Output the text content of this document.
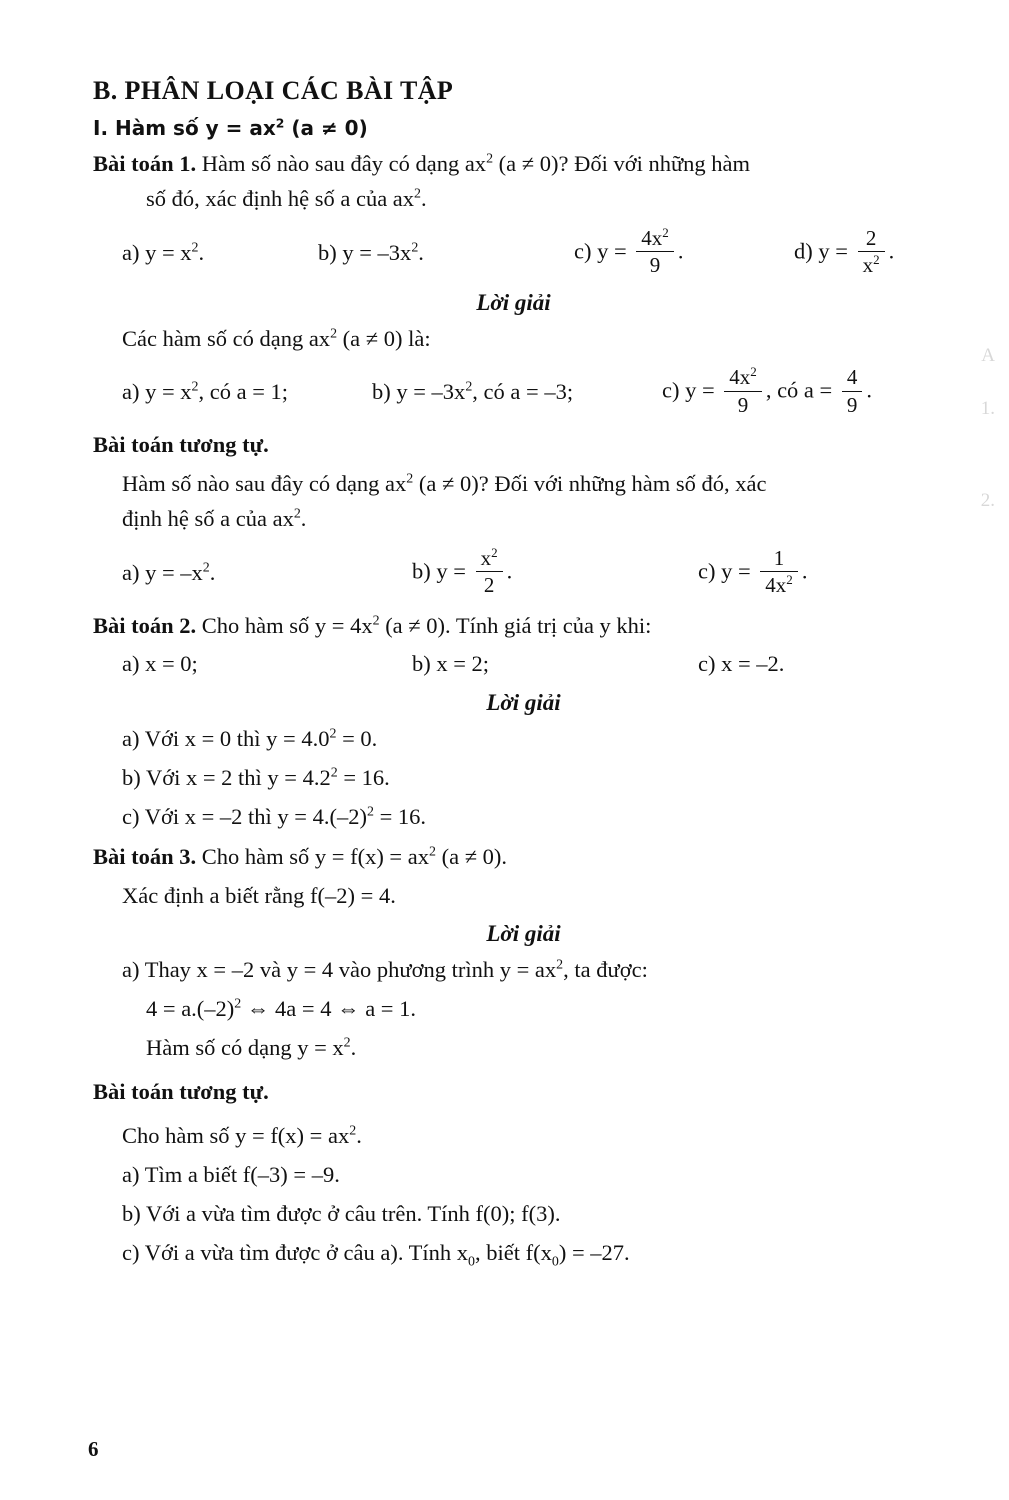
A
1.
2.
B. PHÂN LOẠI CÁC BÀI TẬP
I. Hàm số $y = ax^2$ (a ≠ 0)
Bài toán 1. Hàm số nào sau đây có dạng $ax^2$ (a ≠ 0)? Đối với những hàm
số đó, xác định hệ số a của $ax^2$.
a) $y = x^2$.	b) $y = -3x^2$.	c) $y = \frac{4x^2}{9}$ .	d) $y = \frac{2}{x^2}$ .
Lời giải
Các hàm số có dạng $ax^2$ (a ≠ 0) là:
a) $y = x^2$, có a = 1;	b) $y = -3x^2$, có a = –3;	c) $y = \frac{4x^2}{9}$ , có $a = \frac{4}{9}$ .
Bài toán tương tự.
Hàm số nào sau đây có dạng $ax^2$ (a ≠ 0)? Đối với những hàm số đó, xác
định hệ số a của $ax^2$.
a) $y = -x^2$.	b) $y = \frac{x^2}{2}$ .	c) $y = \frac{1}{4x^2}$ .
Bài toán 2. Cho hàm số $y = 4x^2$ (a ≠ 0). Tính giá trị của y khi:
a) x = 0;	b) x = 2;	c) x = –2.
Lời giải
a) Với x = 0 thì $y = 4.0^2 = 0$.
b) Với x = 2 thì $y = 4.2^2 = 16$.
c) Với x = –2 thì $y = 4.(-2)^2 = 16$.
Bài toán 3. Cho hàm số $y = f(x) = ax^2$ (a ≠ 0).
Xác định a biết rằng f(–2) = 4.
Lời giải
a) Thay x = –2 và y = 4 vào phương trình $y = ax^2$, ta được:
$4 = a.(-2)^2$ ⇔ 4a = 4 ⇔ a = 1.
Hàm số có dạng $y = x^2$.
Bài toán tương tự.
Cho hàm số $y = f(x) = ax^2$.
a) Tìm a biết f(–3) = –9.
b) Với a vừa tìm được ở câu trên. Tính f(0); f(3).
c) Với a vừa tìm được ở câu a). Tính $x_0$, biết $f(x_0) = -27$.
6
